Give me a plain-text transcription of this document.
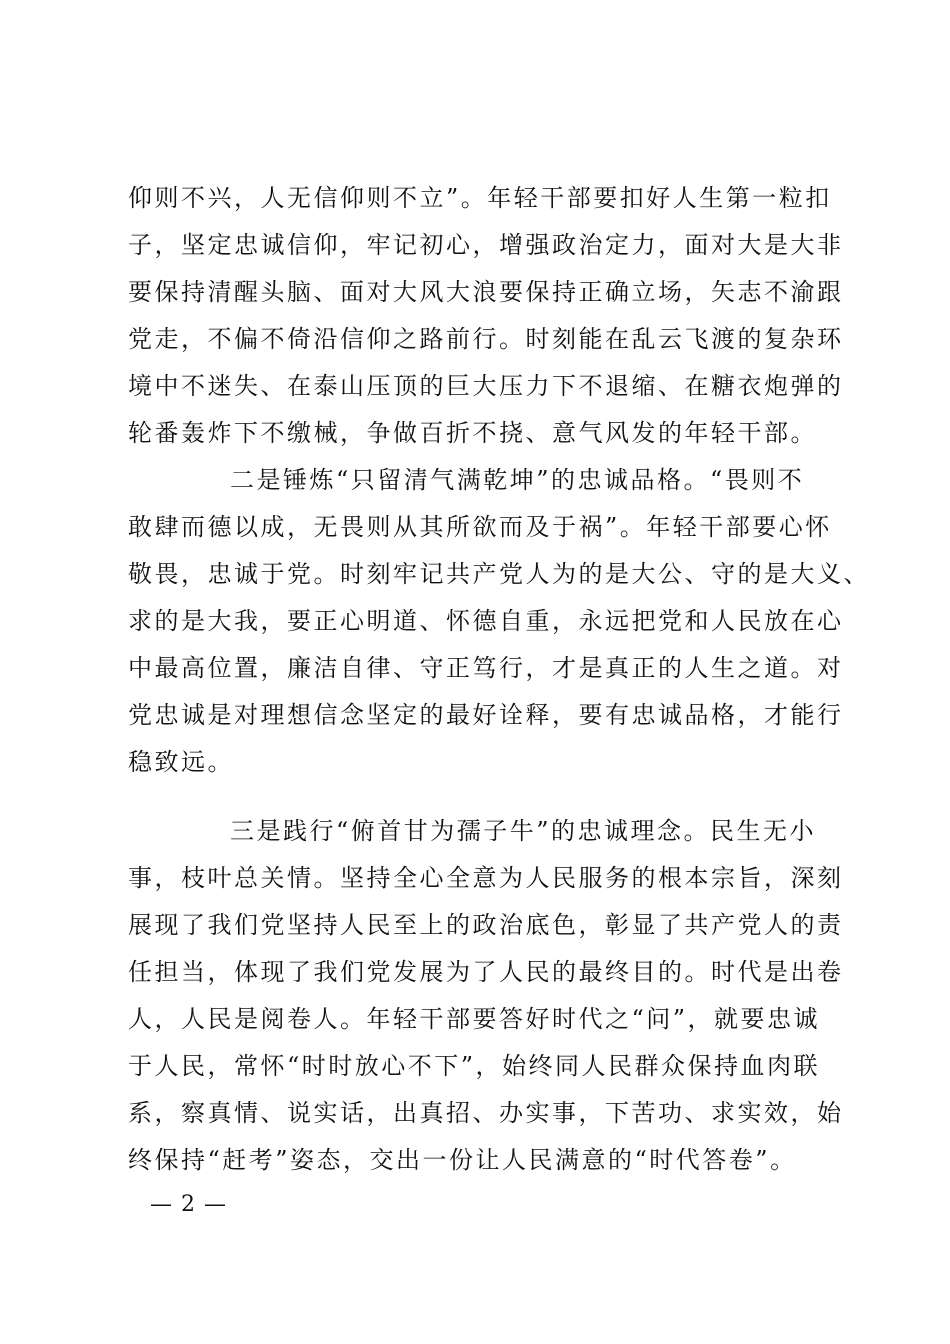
仰则不兴，人无信仰则不立”。年轻干部要扣好人生第一粒扣
子，坚定忠诚信仰，牢记初心，增强政治定力，面对大是大非
要保持清醒头脑、面对大风大浪要保持正确立场，矢志不渝跟
党走，不偏不倚沿信仰之路前行。时刻能在乱云飞渡的复杂环
境中不迷失、在泰山压顶的巨大压力下不退缩、在糖衣炮弹的
轮番轰炸下不缴械，争做百折不挠、意气风发的年轻干部。
二是锤炼“只留清气满乾坤”的忠诚品格。“畏则不
敢肆而德以成，无畏则从其所欲而及于祸”。年轻干部要心怀
敬畏，忠诚于党。时刻牢记共产党人为的是大公、守的是大义、
求的是大我，要正心明道、怀德自重，永远把党和人民放在心
中最高位置，廉洁自律、守正笃行，才是真正的人生之道。对
党忠诚是对理想信念坚定的最好诠释，要有忠诚品格，才能行
稳致远。
三是践行“俯首甘为孺子牛”的忠诚理念。民生无小
事，枝叶总关情。坚持全心全意为人民服务的根本宗旨，深刻
展现了我们党坚持人民至上的政治底色，彰显了共产党人的责
任担当，体现了我们党发展为了人民的最终目的。时代是出卷
人，人民是阅卷人。年轻干部要答好时代之“问”，就要忠诚
于人民，常怀“时时放心不下”，始终同人民群众保持血肉联
系，察真情、说实话，出真招、办实事，下苦功、求实效，始
终保持“赶考”姿态，交出一份让人民满意的“时代答卷”。
— 2 —
